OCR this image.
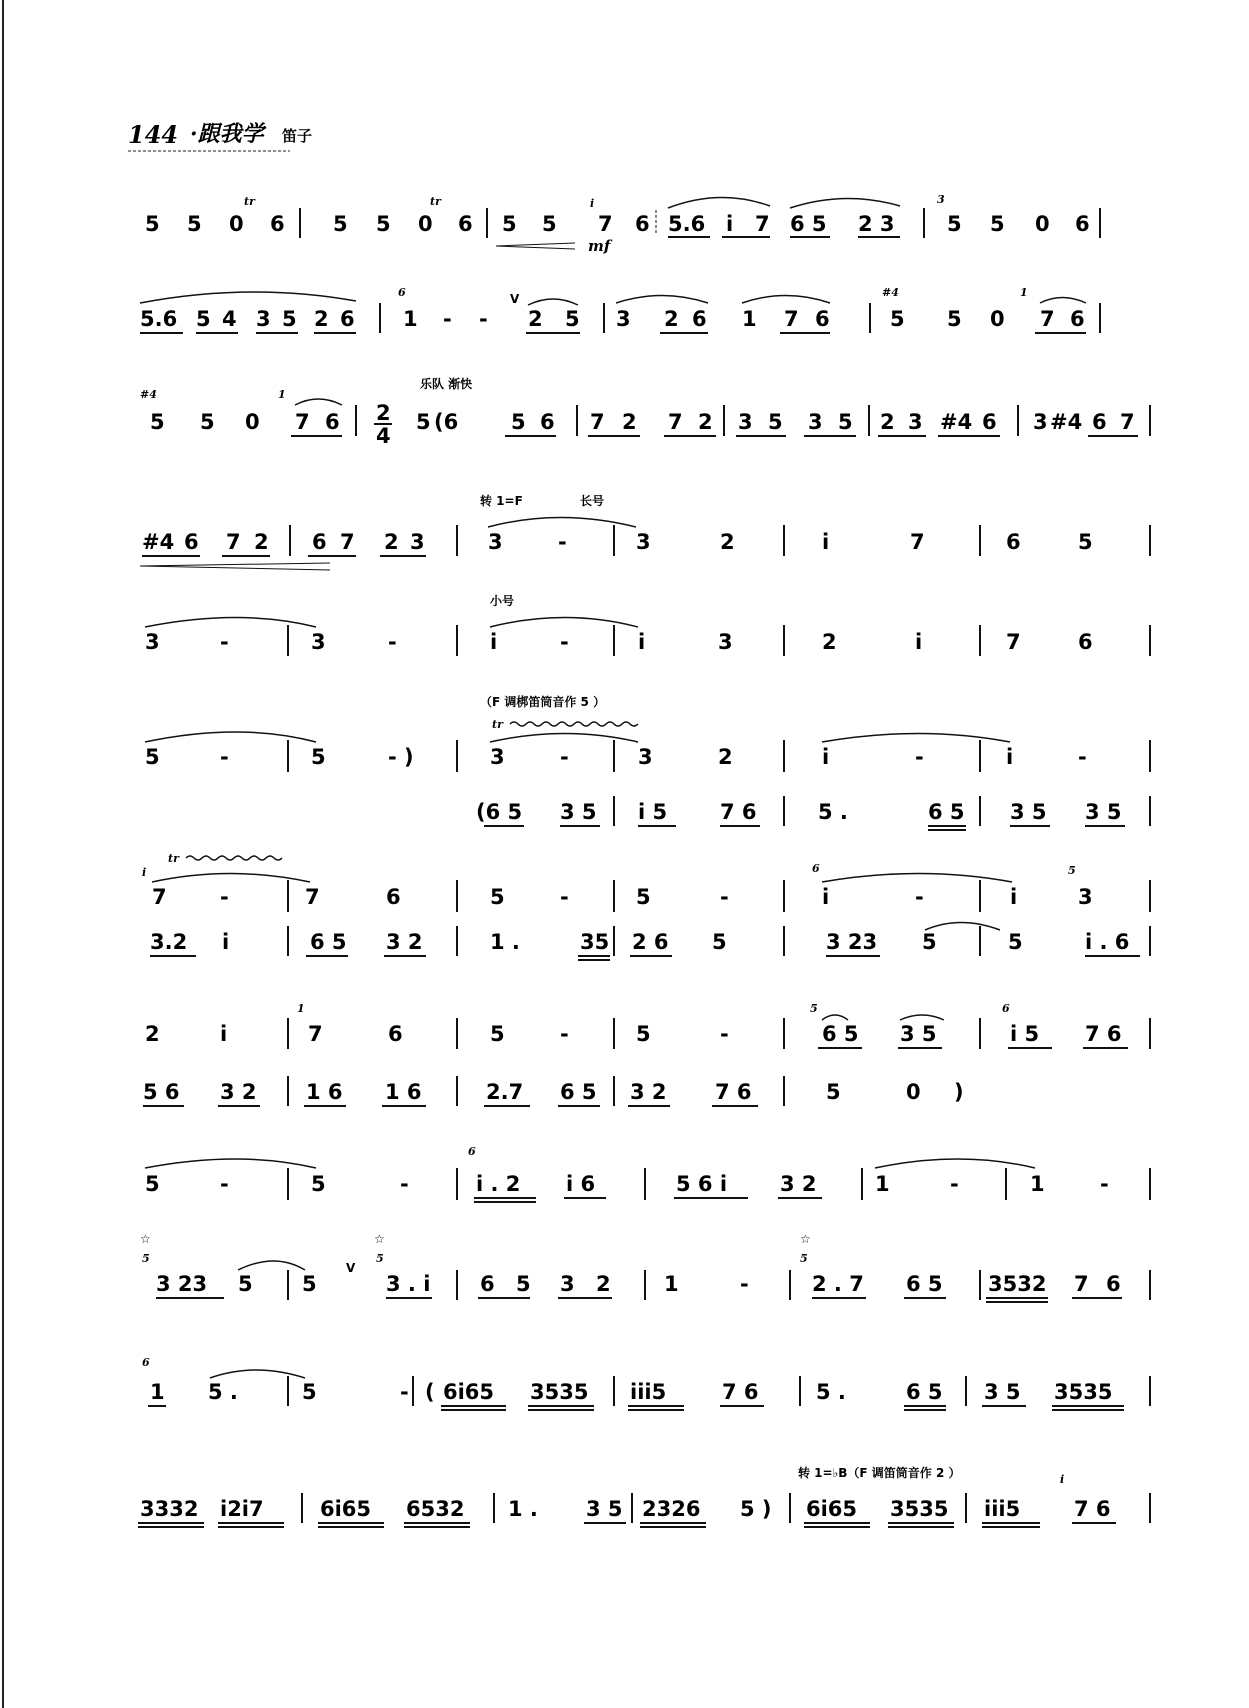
144 ·跟我学 笛子
tr	tr
5 5 0 6 5 5 0 6 5 5 7 6
i
mf
5.6 i 7 6 5 2 3
3
5 5 0 6
5.6 5 4 3 5 2 6
6
1 - - 2 5
V
3 2 6 1 7 6
#4
5 5 0 7 6
1
乐队 渐快
#4
5 5 0 7 6
1
2
4
5 (6	5 6 7 2 7 2 3 5 3 5 2 3 #4 6 3 #4 6 7
转 1=F	长号
#4 6 7 2 6 7 2 3	3	-	3	2	i	7	6	5
小号
3	-	3	-	i	-	i	3	2	i	7	6
（F 调梆笛筒音作 5 ）
tr
5	-	5	- )	3	-	3	2	i	-	i	-
(6 5 3 5 i 5	7 6	5 .	6 5 3 5 3 5
tr
i	6	5
7	-	7	6	5	-	5	-	i	-	i	3
3.2 i	6 5 3 2	1 .	35 2 6 5	3 23 5	5	i . 6
1	5	6
2	i	7	6	5	-	5	-	6 5 3 5	i 5 7 6
5 6 3 2 1 6 1 6	2.7 6 5 3 2 7 6	5	0 )
6
5	-	5	-	i . 2 i 6	5 6 i	3 2	1	-	1	-
☆	☆	☆
5	5	5
V
3 23 5 5	3 . i 6 5 3 2	1	-	2 . 7 6 5 3532 7 6
6
1 5 .	5	- ( 6i65 3535 iii5	7 6	5 .	6 5 3 5 3535
转 1=♭B（F 调笛筒音作 2 ）	i
3332 i2i7	6i65 6532 1 . 3 5 2326 5 ) 6i65 3535 iii5	7 6
